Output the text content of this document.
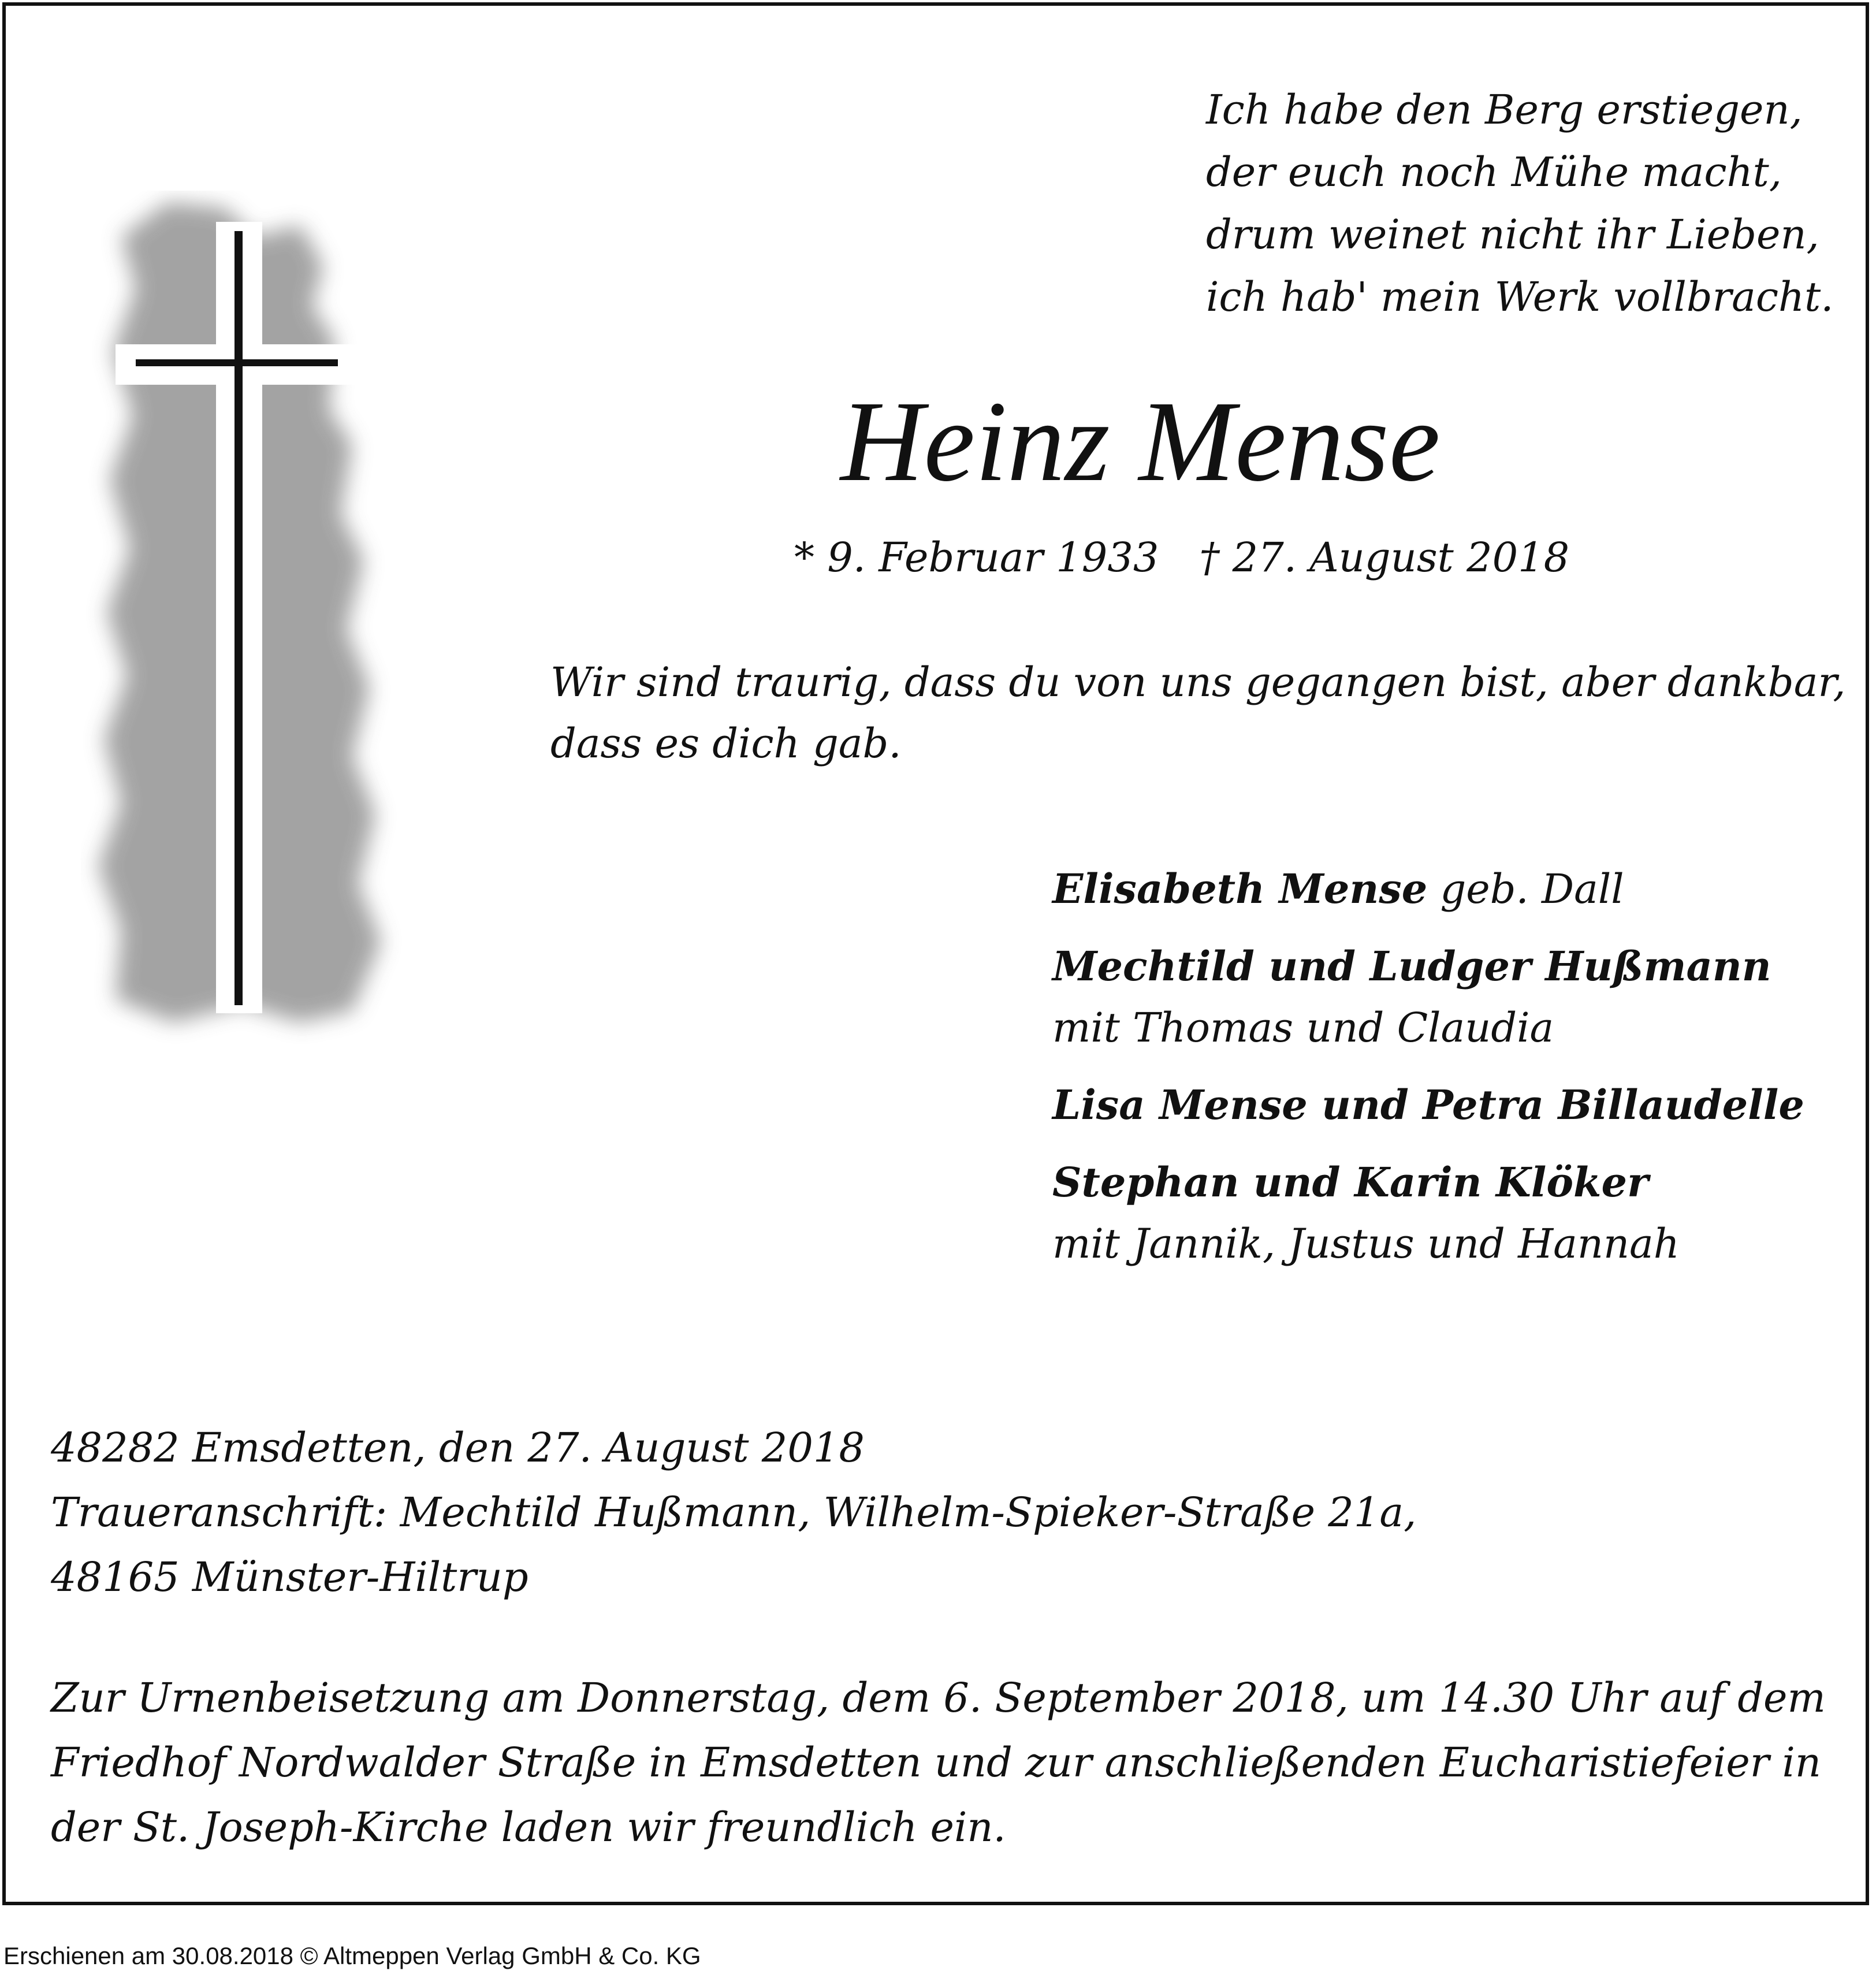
Ich habe den Berg erstiegen,
der euch noch Mühe macht,
drum weinet nicht ihr Lieben,
ich hab' mein Werk vollbracht.
Heinz Mense
* 9. Februar 1933 † 27. August 2018
Wir sind traurig, dass du von uns gegangen bist, aber dankbar,
dass es dich gab.
Elisabeth Mense geb. Dall
Mechtild und Ludger Hußmann
mit Thomas und Claudia
Lisa Mense und Petra Billaudelle
Stephan und Karin Klöker
mit Jannik, Justus und Hannah
48282 Emsdetten, den 27. August 2018
Traueranschrift: Mechtild Hußmann, Wilhelm-Spieker-Straße 21a,
48165 Münster-Hiltrup
Zur Urnenbeisetzung am Donnerstag, dem 6. September 2018, um 14.30 Uhr auf dem
Friedhof Nordwalder Straße in Emsdetten und zur anschließenden Eucharistiefeier in
der St. Joseph-Kirche laden wir freundlich ein.
Erschienen am 30.08.2018 © Altmeppen Verlag GmbH & Co. KG
